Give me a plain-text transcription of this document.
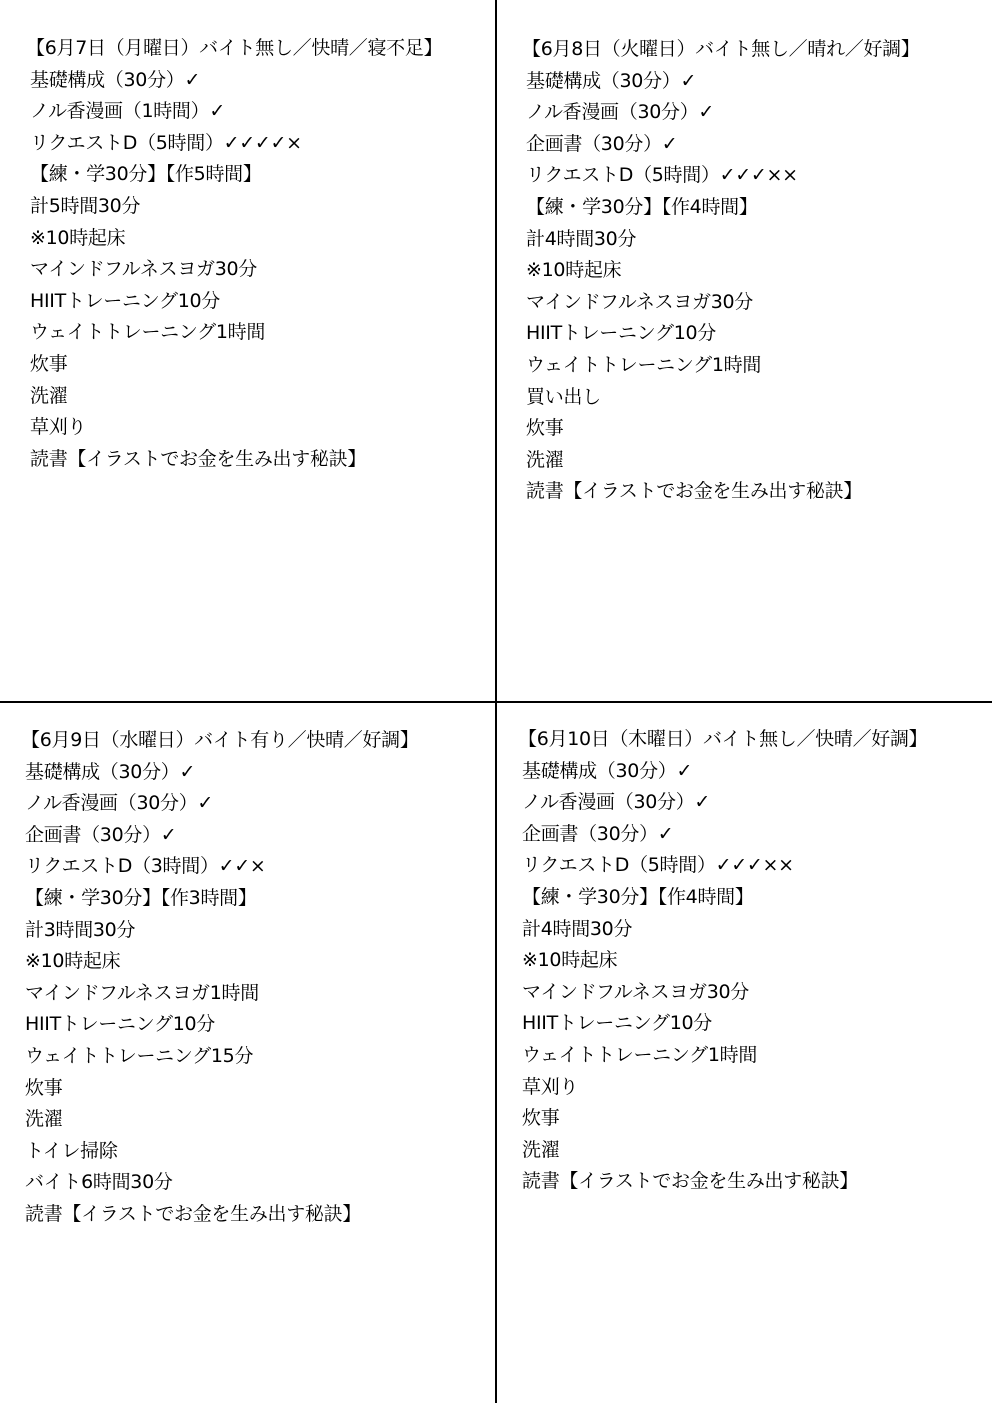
【6月7日（月曜日）バイト無し／快晴／寝不足】
基礎構成（30分）✓
ノル香漫画（1時間）✓
リクエストD（5時間）✓✓✓✓×
【練・学30分】【作5時間】
計5時間30分
※10時起床
マインドフルネスヨガ30分
HIITトレーニング10分
ウェイトトレーニング1時間
炊事
洗濯
草刈り
読書【イラストでお金を生み出す秘訣】
【6月8日（火曜日）バイト無し／晴れ／好調】
基礎構成（30分）✓
ノル香漫画（30分）✓
企画書（30分）✓
リクエストD（5時間）✓✓✓××
【練・学30分】【作4時間】
計4時間30分
※10時起床
マインドフルネスヨガ30分
HIITトレーニング10分
ウェイトトレーニング1時間
買い出し
炊事
洗濯
読書【イラストでお金を生み出す秘訣】
【6月9日（水曜日）バイト有り／快晴／好調】
基礎構成（30分）✓
ノル香漫画（30分）✓
企画書（30分）✓
リクエストD（3時間）✓✓×
【練・学30分】【作3時間】
計3時間30分
※10時起床
マインドフルネスヨガ1時間
HIITトレーニング10分
ウェイトトレーニング15分
炊事
洗濯
トイレ掃除
バイト6時間30分
読書【イラストでお金を生み出す秘訣】
【6月10日（木曜日）バイト無し／快晴／好調】
基礎構成（30分）✓
ノル香漫画（30分）✓
企画書（30分）✓
リクエストD（5時間）✓✓✓××
【練・学30分】【作4時間】
計4時間30分
※10時起床
マインドフルネスヨガ30分
HIITトレーニング10分
ウェイトトレーニング1時間
草刈り
炊事
洗濯
読書【イラストでお金を生み出す秘訣】
